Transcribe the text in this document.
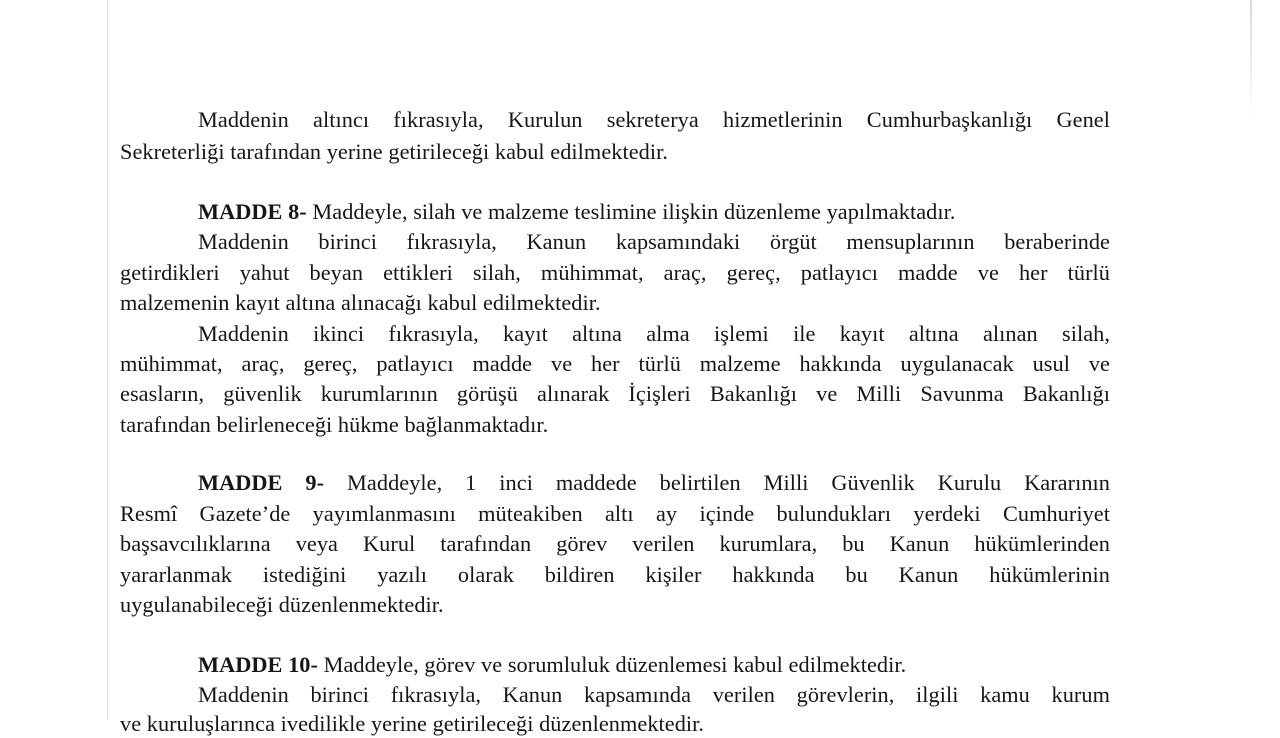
Maddenin altıncı fıkrasıyla, Kurulun sekreterya hizmetlerinin Cumhurbaşkanlığı Genel

Sekreterliği tarafından yerine getirileceği kabul edilmektedir.

MADDE 8- Maddeyle, silah ve malzeme teslimine ilişkin düzenleme yapılmaktadır.

Maddenin birinci fıkrasıyla, Kanun kapsamındaki örgüt mensuplarının beraberinde

getirdikleri yahut beyan ettikleri silah, mühimmat, araç, gereç, patlayıcı madde ve her türlü

malzemenin kayıt altına alınacağı kabul edilmektedir.

Maddenin ikinci fıkrasıyla, kayıt altına alma işlemi ile kayıt altına alınan silah,

mühimmat, araç, gereç, patlayıcı madde ve her türlü malzeme hakkında uygulanacak usul ve

esasların, güvenlik kurumlarının görüşü alınarak İçişleri Bakanlığı ve Milli Savunma Bakanlığı

tarafından belirleneceği hükme bağlanmaktadır.

MADDE 9- Maddeyle, 1 inci maddede belirtilen Milli Güvenlik Kurulu Kararının

Resmî Gazete’de yayımlanmasını müteakiben altı ay içinde bulundukları yerdeki Cumhuriyet

başsavcılıklarına veya Kurul tarafından görev verilen kurumlara, bu Kanun hükümlerinden

yararlanmak istediğini yazılı olarak bildiren kişiler hakkında bu Kanun hükümlerinin

uygulanabileceği düzenlenmektedir.

MADDE 10- Maddeyle, görev ve sorumluluk düzenlemesi kabul edilmektedir.

Maddenin birinci fıkrasıyla, Kanun kapsamında verilen görevlerin, ilgili kamu kurum

ve kuruluşlarınca ivedilikle yerine getirileceği düzenlenmektedir.
